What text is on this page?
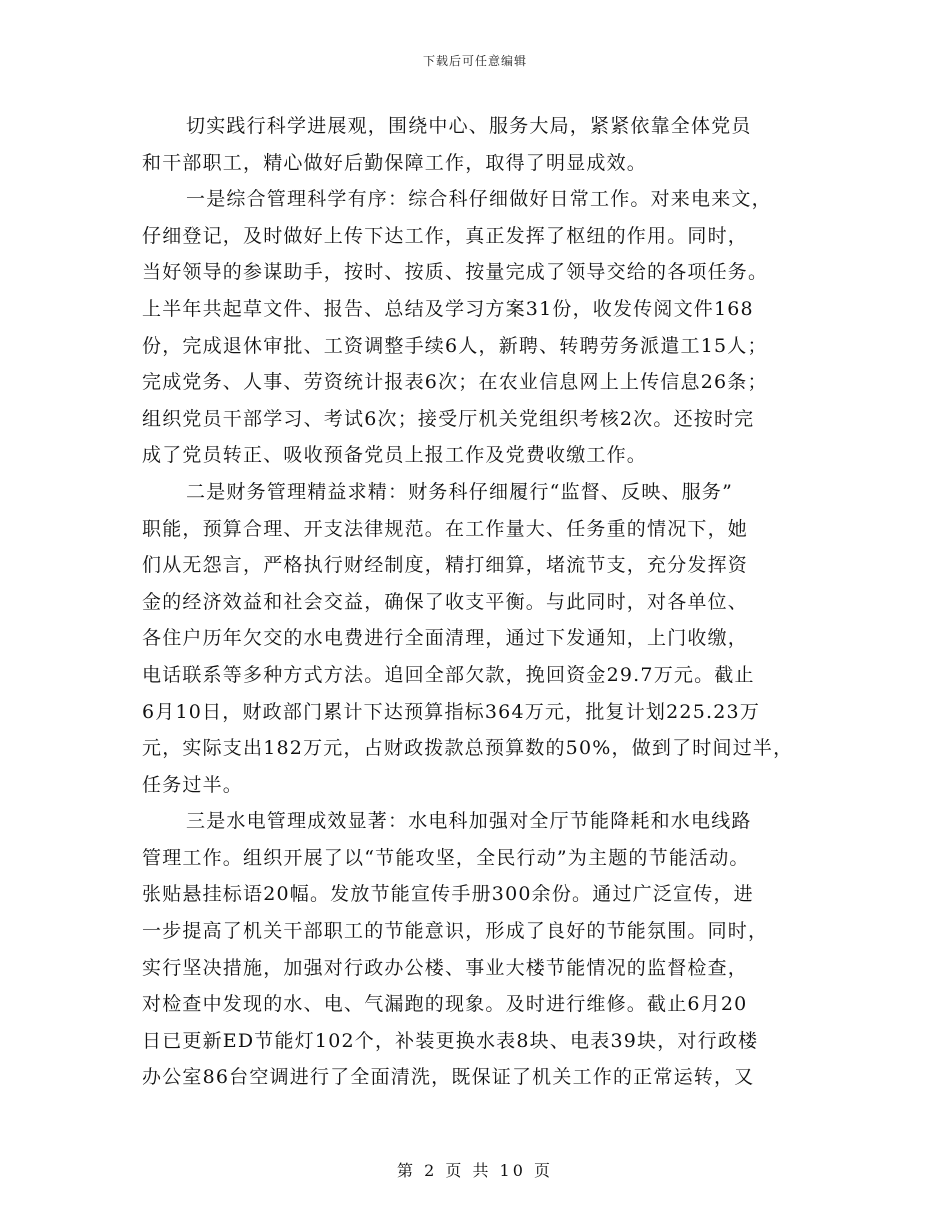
下载后可任意编辑
切实践行科学进展观，围绕中心、服务大局，紧紧依靠全体党员
和干部职工，精心做好后勤保障工作，取得了明显成效。
一是综合管理科学有序：综合科仔细做好日常工作。对来电来文，
仔细登记，及时做好上传下达工作，真正发挥了枢纽的作用。同时，
当好领导的参谋助手，按时、按质、按量完成了领导交给的各项任务。
上半年共起草文件、报告、总结及学习方案31份，收发传阅文件168
份，完成退休审批、工资调整手续6人，新聘、转聘劳务派遣工15人；
完成党务、人事、劳资统计报表6次；在农业信息网上上传信息26条；
组织党员干部学习、考试6次；接受厅机关党组织考核2次。还按时完
成了党员转正、吸收预备党员上报工作及党费收缴工作。
二是财务管理精益求精：财务科仔细履行“监督、反映、服务”
职能，预算合理、开支法律规范。在工作量大、任务重的情况下，她
们从无怨言，严格执行财经制度，精打细算，堵流节支，充分发挥资
金的经济效益和社会交益，确保了收支平衡。与此同时，对各单位、
各住户历年欠交的水电费进行全面清理，通过下发通知，上门收缴，
电话联系等多种方式方法。追回全部欠款，挽回资金29.7万元。截止
6月10日，财政部门累计下达预算指标364万元，批复计划225.23万
元，实际支出182万元，占财政拨款总预算数的50%，做到了时间过半，
任务过半。
三是水电管理成效显著：水电科加强对全厅节能降耗和水电线路
管理工作。组织开展了以“节能攻坚，全民行动”为主题的节能活动。
张贴悬挂标语20幅。发放节能宣传手册300余份。通过广泛宣传，进
一步提高了机关干部职工的节能意识，形成了良好的节能氛围。同时，
实行坚决措施，加强对行政办公楼、事业大楼节能情况的监督检查，
对检查中发现的水、电、气漏跑的现象。及时进行维修。截止6月20
日已更新ED节能灯102个，补装更换水表8块、电表39块，对行政楼
办公室86台空调进行了全面清洗，既保证了机关工作的正常运转，又
第 2 页 共 10 页
